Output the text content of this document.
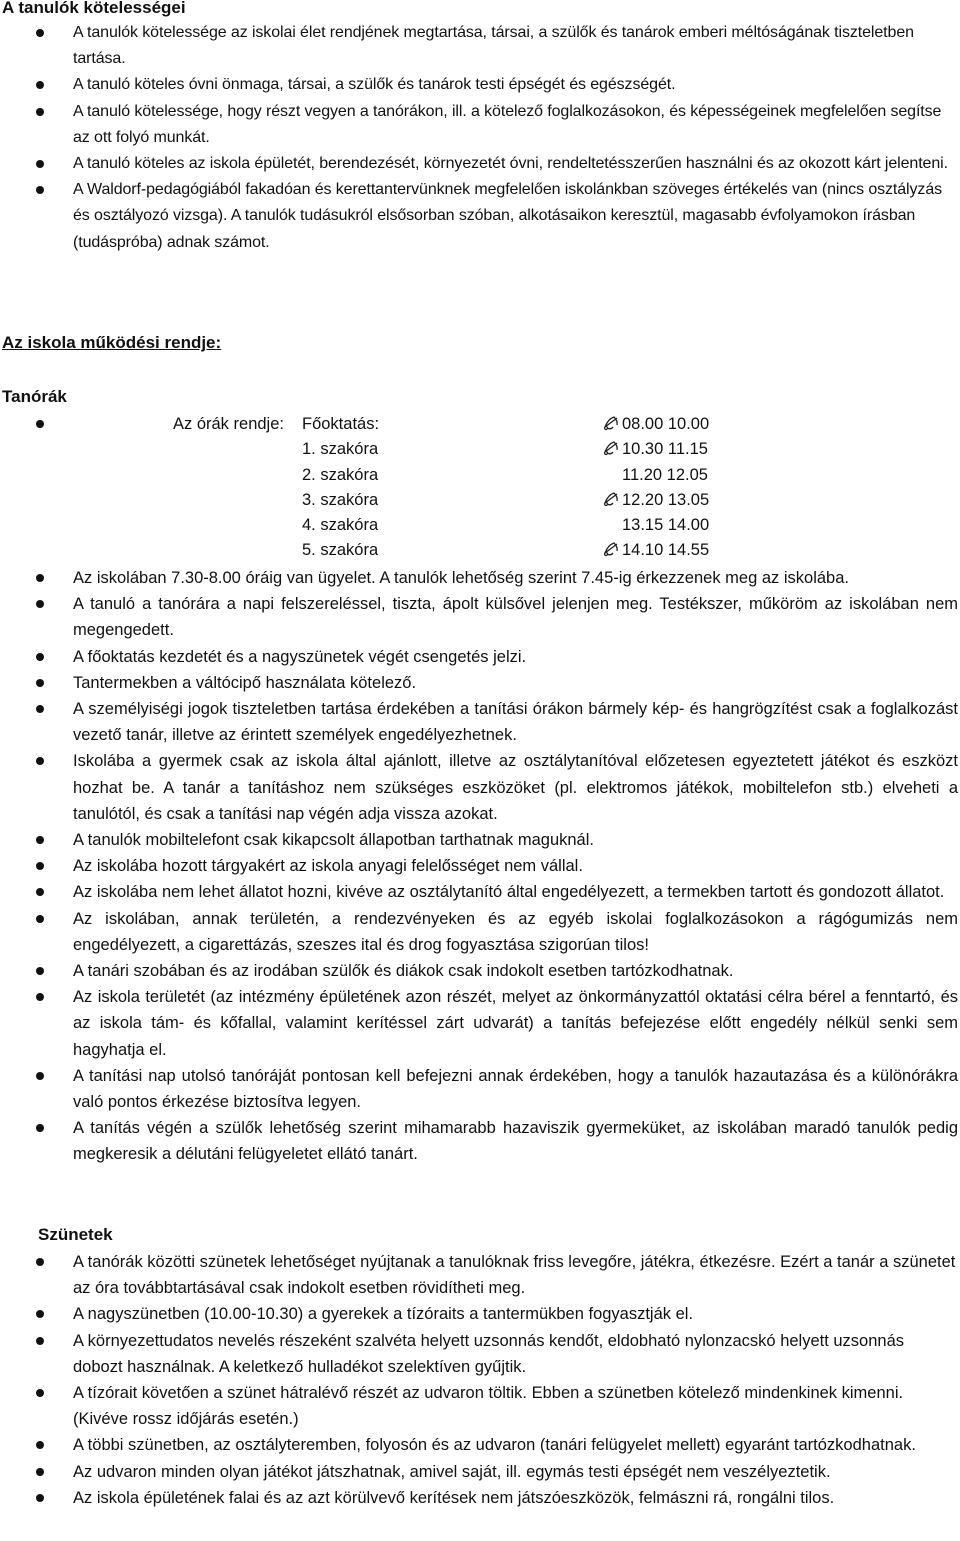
A tanulók kötelességei
A tanulók kötelessége az iskolai élet rendjének megtartása, társai, a szülők és tanárok emberi méltóságának tiszteletben tartása.
A tanuló köteles óvni önmaga, társai, a szülők és tanárok testi épségét és egészségét.
A tanuló kötelessége, hogy részt vegyen a tanórákon, ill. a kötelező foglalkozásokon, és képességeinek megfelelően segítse az ott folyó munkát.
A tanuló köteles az iskola épületét, berendezését, környezetét óvni, rendeltetésszerűen használni és az okozott kárt jelenteni.
A Waldorf-pedagógiából fakadóan és kerettantervünknek megfelelően iskolánkban szöveges értékelés van (nincs osztályzás és osztályozó vizsga). A tanulók tudásukról elsősorban szóban, alkotásaikon keresztül, magasabb évfolyamokon írásban (tudáspróba) adnak számot.
Az iskola működési rendje:
Tanórák
Az órák rendje: Főoktatás:	08.00 10.00
1. szakóra	10.30 11.15
2. szakóra	11.20 12.05
3. szakóra	12.20 13.05
4. szakóra	13.15 14.00
5. szakóra	14.10 14.55
Az iskolában 7.30-8.00 óráig van ügyelet. A tanulók lehetőség szerint 7.45-ig érkezzenek meg az iskolába.
A tanuló a tanórára a napi felszereléssel, tiszta, ápolt külsővel jelenjen meg. Testékszer, műköröm az iskolában nem megengedett.
A főoktatás kezdetét és a nagyszünetek végét csengetés jelzi.
Tantermekben a váltócipő használata kötelező.
A személyiségi jogok tiszteletben tartása érdekében a tanítási órákon bármely kép- és hangrögzítést csak a foglalkozást vezető tanár, illetve az érintett személyek engedélyezhetnek.
Iskolába a gyermek csak az iskola által ajánlott, illetve az osztálytanítóval előzetesen egyeztetett játékot és eszközt hozhat be. A tanár a tanításhoz nem szükséges eszközöket (pl. elektromos játékok, mobiltelefon stb.) elveheti a tanulótól, és csak a tanítási nap végén adja vissza azokat.
A tanulók mobiltelefont csak kikapcsolt állapotban tarthatnak maguknál.
Az iskolába hozott tárgyakért az iskola anyagi felelősséget nem vállal.
Az iskolába nem lehet állatot hozni, kivéve az osztálytanító által engedélyezett, a termekben tartott és gondozott állatot.
Az iskolában, annak területén, a rendezvényeken és az egyéb iskolai foglalkozásokon a rágógumizás nem engedélyezett, a cigarettázás, szeszes ital és drog fogyasztása szigorúan tilos!
A tanári szobában és az irodában szülők és diákok csak indokolt esetben tartózkodhatnak.
Az iskola területét (az intézmény épületének azon részét, melyet az önkormányzattól oktatási célra bérel a fenntartó, és az iskola tám- és kőfallal, valamint kerítéssel zárt udvarát) a tanítás befejezése előtt engedély nélkül senki sem hagyhatja el.
A tanítási nap utolsó tanóráját pontosan kell befejezni annak érdekében, hogy a tanulók hazautazása és a különórákra való pontos érkezése biztosítva legyen.
A tanítás végén a szülők lehetőség szerint mihamarabb hazaviszik gyermeküket, az iskolában maradó tanulók pedig megkeresik a délutáni felügyeletet ellátó tanárt.
Szünetek
A tanórák közötti szünetek lehetőséget nyújtanak a tanulóknak friss levegőre, játékra, étkezésre. Ezért a tanár a szünetet az óra továbbtartásával csak indokolt esetben rövidítheti meg.
A nagyszünetben (10.00-10.30) a gyerekek a tízóraits a tantermükben fogyasztják el.
A környezettudatos nevelés részeként szalvéta helyett uzsonnás kendőt, eldobható nylonzacskó helyett uzsonnás dobozt használnak. A keletkező hulladékot szelektíven gyűjtik.
A tízórait követően a szünet hátralévő részét az udvaron töltik. Ebben a szünetben kötelező mindenkinek kimenni. (Kivéve rossz időjárás esetén.)
A többi szünetben, az osztályteremben, folyosón és az udvaron (tanári felügyelet mellett) egyaránt tartózkodhatnak.
Az udvaron minden olyan játékot játszhatnak, amivel saját, ill. egymás testi épségét nem veszélyeztetik.
Az iskola épületének falai és az azt körülvevő kerítések nem játszóeszközök, felmászni rá, rongálni tilos.
